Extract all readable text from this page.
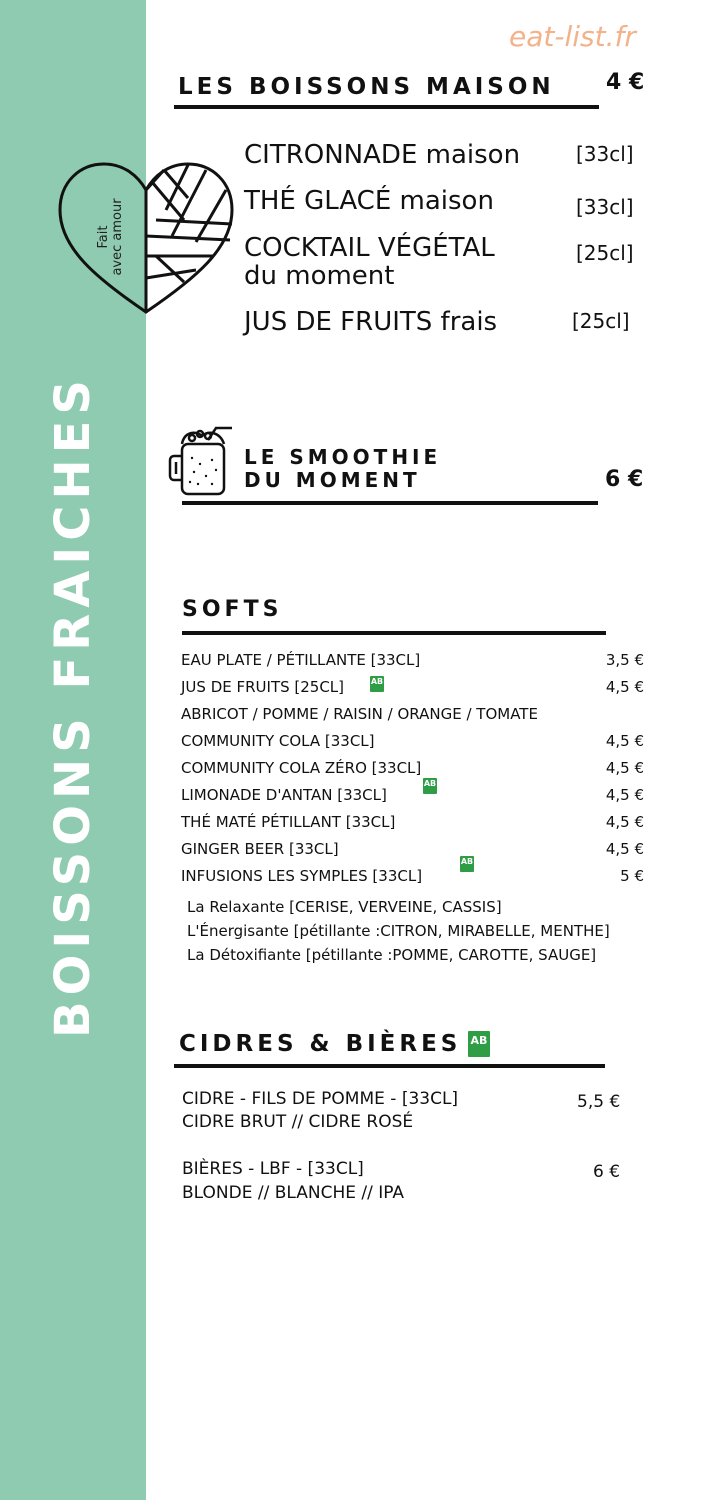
BOISSONS FRAICHES
eat-list.fr
Fait avec amour
LES BOISSONS MAISON 4 €
CITRONNADE maison	[33cl]
THÉ GLACÉ maison	[33cl]
COCKTAIL VÉGÉTAL
du moment
[25cl]
JUS DE FRUITS frais	[25cl]
LE SMOOTHIE
DU MOMENT	6 €
SOFTS
EAU PLATE / PÉTILLANTE [33CL]	3,5 €
JUS DE FRUITS [25CL]	4,5 €
AB
ABRICOT / POMME / RAISIN / ORANGE / TOMATE
COMMUNITY COLA [33CL]	4,5 €
COMMUNITY COLA ZÉRO [33CL]	4,5 €
LIMONADE D'ANTAN [33CL]	4,5 €
AB
THÉ MATÉ PÉTILLANT [33CL]	4,5 €
GINGER BEER [33CL]	4,5 €
INFUSIONS LES SYMPLES [33CL]	5 €
AB
La Relaxante [CERISE, VERVEINE, CASSIS]
L'Énergisante [pétillante :CITRON, MIRABELLE, MENTHE]
La Détoxifiante [pétillante :POMME, CAROTTE, SAUGE]
CIDRES & BIÈRES AB
CIDRE - FILS DE POMME - [33CL]
CIDRE BRUT // CIDRE ROSÉ
5,5 €
BIÈRES - LBF - [33CL]
BLONDE // BLANCHE // IPA
6 €
